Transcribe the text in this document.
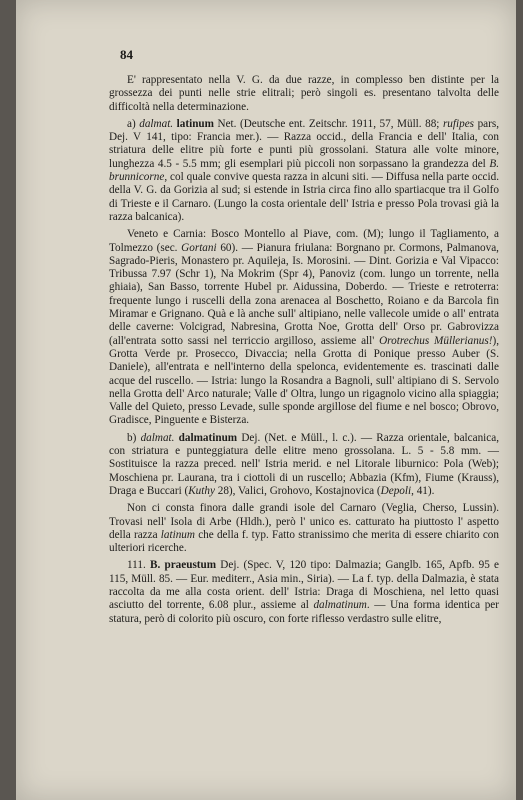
84

E' rappresentato nella V. G. da due razze, in complesso ben distinte per la grossezza dei punti nelle strie elitrali; però singoli es. presentano talvolta delle difficoltà nella determinazione.

a) dalmat. latinum Net. (Deutsche ent. Zeitschr. 1911, 57, Müll. 88; rufipes pars, Dej. V 141, tipo: Francia mer.). — Razza occid., della Francia e dell' Italia, con striatura delle elitre più forte e punti più grossolani. Statura alle volte minore, lunghezza 4.5 - 5.5 mm; gli esemplari più piccoli non sorpassano la grandezza del B. brunnicorne, col quale convive questa razza in alcuni siti. — Diffusa nella parte occid. della V. G. da Gorizia al sud; si estende in Istria circa fino allo spartiacque tra il Golfo di Trieste e il Carnaro. (Lungo la costa orientale dell' Istria e presso Pola trovasi già la razza balcanica).

Veneto e Carnia: Bosco Montello al Piave, com. (M); lungo il Tagliamento, a Tolmezzo (sec. Gortani 60). — Pianura friulana: Borgnano pr. Cormons, Palmanova, Sagrado-Pieris, Monastero pr. Aquileja, Is. Morosini. — Dint. Gorizia e Val Vipacco: Tribussa 7.97 (Schr 1), Na Mokrim (Spr 4), Panoviz (com. lungo un torrente, nella ghiaia), San Basso, torrente Hubel pr. Aidussina, Doberdo. — Trieste e retroterra: frequente lungo i ruscelli della zona arenacea al Boschetto, Roiano e da Barcola fin Miramar e Grignano. Quà e là anche sull' altipiano, nelle vallecole umide o all' entrata delle caverne: Volcigrad, Nabresina, Grotta Noe, Grotta dell' Orso pr. Gabrovizza (all'entrata sotto sassi nel terriccio argilloso, assieme all' Orotrechus Müllerianus!), Grotta Verde pr. Prosecco, Divaccia; nella Grotta di Ponique presso Auber (S. Daniele), all'entrata e nell'interno della spelonca, evidentemente es. trascinati dalle acque del ruscello. — Istria: lungo la Rosandra a Bagnoli, sull' altipiano di S. Servolo nella Grotta dell' Arco naturale; Valle d' Oltra, lungo un rigagnolo vicino alla spiaggia; Valle del Quieto, presso Levade, sulle sponde argillose del fiume e nel bosco; Obrovo, Gradisce, Pinguente e Bisterza.

b) dalmat. dalmatinum Dej. (Net. e Müll., l. c.). — Razza orientale, balcanica, con striatura e punteggiatura delle elitre meno grossolana. L. 5 - 5.8 mm. — Sostituisce la razza preced. nell' Istria merid. e nel Litorale liburnico: Pola (Web); Moschiena pr. Laurana, tra i ciottoli di un ruscello; Abbazia (Kfm), Fiume (Krauss), Draga e Buccari (Kuthy 28), Valici, Grohovo, Kostajnovica (Depoli, 41).

Non ci consta finora dalle grandi isole del Carnaro (Veglia, Cherso, Lussin). Trovasi nell' Isola di Arbe (Hldh.), però l' unico es. catturato ha piuttosto l' aspetto della razza latinum che della f. typ. Fatto stranissimo che merita di essere chiarito con ulteriori ricerche.

111. B. praeustum Dej. (Spec. V, 120 tipo: Dalmazia; Ganglb. 165, Apfb. 95 e 115, Müll. 85. — Eur. mediterr., Asia min., Siria). — La f. typ. della Dalmazia, è stata raccolta da me alla costa orient. dell' Istria: Draga di Moschiena, nel letto quasi asciutto del torrente, 6.08 plur., assieme al dalmatinum. — Una forma identica per statura, però di colorito più oscuro, con forte riflesso verdastro sulle elitre,
